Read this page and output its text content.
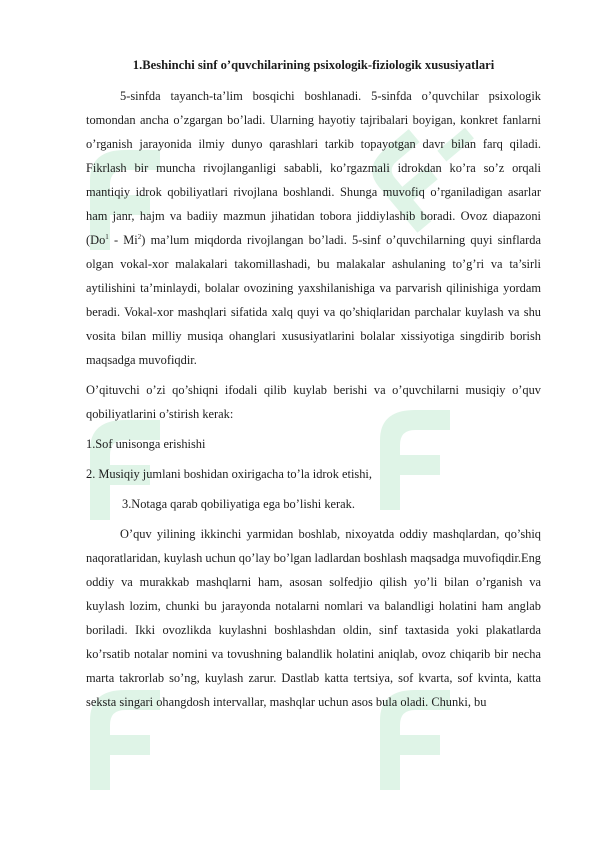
1.Beshinchi sinf o’quvchilarining psixologik-fiziologik xususiyatlari

5-sinfda tayanch-ta’lim bosqichi boshlanadi. 5-sinfda o’quvchilar psixologik tomondan ancha o’zgargan bo’ladi. Ularning hayotiy tajribalari boyigan, konkret fanlarni o’rganish jarayonida ilmiy dunyo qarashlari tarkib topayotgan davr bilan farq qiladi. Fikrlash bir muncha rivojlanganligi sababli, ko’rgazmali idrokdan ko’ra so’z orqali mantiqiy idrok qobiliyatlari rivojlana boshlandi. Shunga muvofiq o’rganiladigan asarlar ham janr, hajm va badiiy mazmun jihatidan tobora jiddiylashib boradi. Ovoz diapazoni (Do$^1$ - Mi$^2$) ma’lum miqdorda rivojlangan bo’ladi. 5-sinf o’quvchilarning quyi sinflarda olgan vokal-xor malakalari takomillashadi, bu malakalar ashulaning to’g’ri va ta’sirli aytilishini ta’minlaydi, bolalar ovozining yaxshilanishiga va parvarish qilinishiga yordam beradi. Vokal-xor mashqlari sifatida xalq quyi va qo’shiqlaridan parchalar kuylash va shu vosita bilan milliy musiqa ohanglari xususiyatlarini bolalar xissiyotiga singdirib borish maqsadga muvofiqdir.

O’qituvchi o’zi qo’shiqni ifodali qilib kuylab berishi va o’quvchilarni musiqiy o’quv qobiliyatlarini o’stirish kerak:

1.Sof unisonga erishishi
2. Musiqiy jumlani boshidan oxirigacha to’la idrok etishi,
3.Notaga qarab qobiliyatiga ega bo’lishi kerak.

O’quv yilining ikkinchi yarmidan boshlab, nixoyatda oddiy mashqlardan, qo’shiq naqoratlaridan, kuylash uchun qo’lay bo’lgan ladlardan boshlash maqsadga muvofiqdir.Eng oddiy va murakkab mashqlarni ham, asosan solfedjio qilish yo’li bilan o’rganish va kuylash lozim, chunki bu jarayonda notalarni nomlari va balandligi holatini ham anglab boriladi. Ikki ovozlikda kuylashni boshlashdan oldin, sinf taxtasida yoki plakatlarda ko’rsatib notalar nomini va tovushning balandlik holatini aniqlab, ovoz chiqarib bir necha marta takrorlab so’ng, kuylash zarur. Dastlab katta tertsiya, sof kvarta, sof kvinta, katta seksta singari ohangdosh intervallar, mashqlar uchun asos bula oladi. Chunki, bu
